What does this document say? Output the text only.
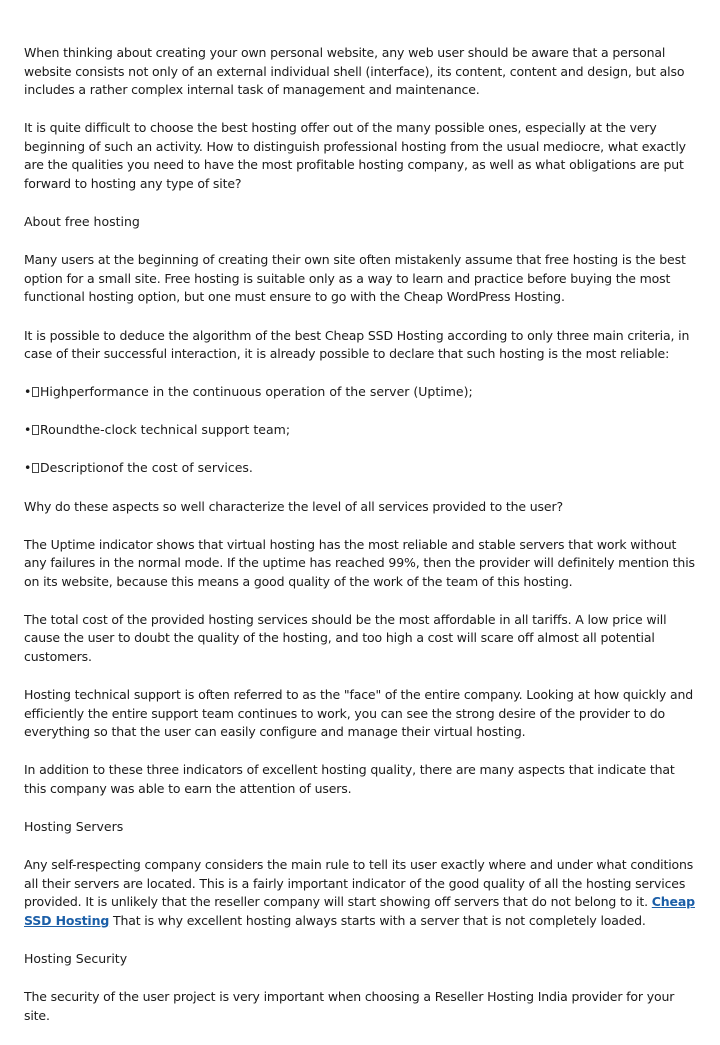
When thinking about creating your own personal website, any web user should be aware that a personal website consists not only of an external individual shell (interface), its content, content and design, but also includes a rather complex internal task of management and maintenance.

It is quite difficult to choose the best hosting offer out of the many possible ones, especially at the very beginning of such an activity. How to distinguish professional hosting from the usual mediocre, what exactly are the qualities you need to have the most profitable hosting company, as well as what obligations are put forward to hosting any type of site?

About free hosting

Many users at the beginning of creating their own site often mistakenly assume that free hosting is the best option for a small site. Free hosting is suitable only as a way to learn and practice before buying the most functional hosting option, but one must ensure to go with the Cheap WordPress Hosting.

It is possible to deduce the algorithm of the best Cheap SSD Hosting according to only three main criteria, in case of their successful interaction, it is already possible to declare that such hosting is the most reliable:

• Highperformance in the continuous operation of the server (Uptime);
• Roundthe-clock technical support team;
• Descriptionof the cost of services.

Why do these aspects so well characterize the level of all services provided to the user?

The Uptime indicator shows that virtual hosting has the most reliable and stable servers that work without any failures in the normal mode. If the uptime has reached 99%, then the provider will definitely mention this on its website, because this means a good quality of the work of the team of this hosting.

The total cost of the provided hosting services should be the most affordable in all tariffs. A low price will cause the user to doubt the quality of the hosting, and too high a cost will scare off almost all potential customers.

Hosting technical support is often referred to as the "face" of the entire company. Looking at how quickly and efficiently the entire support team continues to work, you can see the strong desire of the provider to do everything so that the user can easily configure and manage their virtual hosting.

In addition to these three indicators of excellent hosting quality, there are many aspects that indicate that this company was able to earn the attention of users.

Hosting Servers

Any self-respecting company considers the main rule to tell its user exactly where and under what conditions all their servers are located. This is a fairly important indicator of the good quality of all the hosting services provided. It is unlikely that the reseller company will start showing off servers that do not belong to it. Cheap SSD Hosting That is why excellent hosting always starts with a server that is not completely loaded.

Hosting Security

The security of the user project is very important when choosing a Reseller Hosting India provider for your site.
